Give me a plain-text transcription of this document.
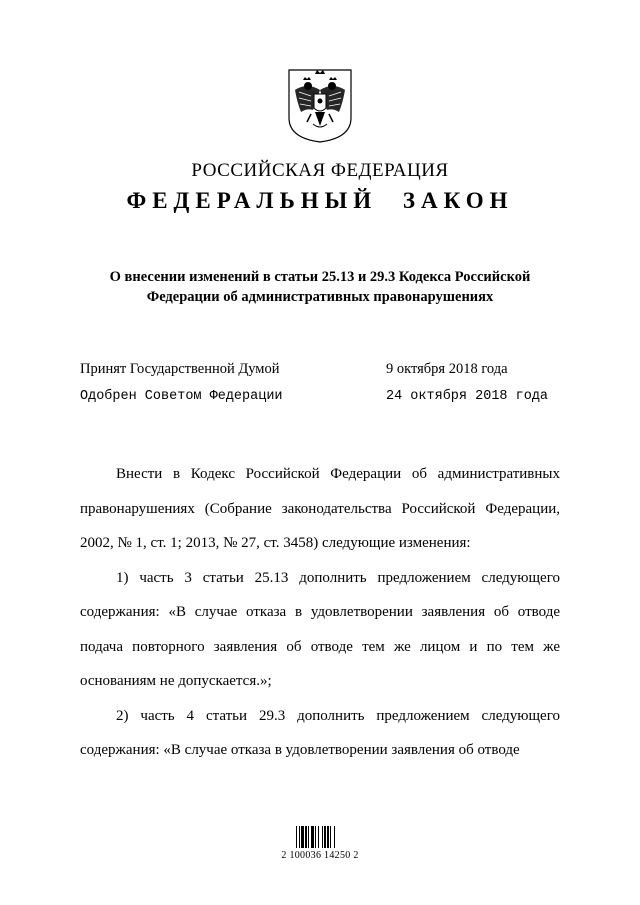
РОССИЙСКАЯ ФЕДЕРАЦИЯ
ФЕДЕРАЛЬНЫЙ ЗАКОН
О внесении изменений в статьи 25.13 и 29.3 Кодекса Российской Федерации об административных правонарушениях
Принят Государственной Думой	9 октября 2018 года
Одобрен Советом Федерации	24 октября 2018 года

Внести в Кодекс Российской Федерации об административных правонарушениях (Собрание законодательства Российской Федерации, 2002, № 1, ст. 1; 2013, № 27, ст. 3458) следующие изменения:

1) часть 3 статьи 25.13 дополнить предложением следующего содержания: «В случае отказа в удовлетворении заявления об отводе подача повторного заявления об отводе тем же лицом и по тем же основаниям не допускается.»;

2) часть 4 статьи 29.3 дополнить предложением следующего содержания: «В случае отказа в удовлетворении заявления об отводе

2 100036 14250 2
